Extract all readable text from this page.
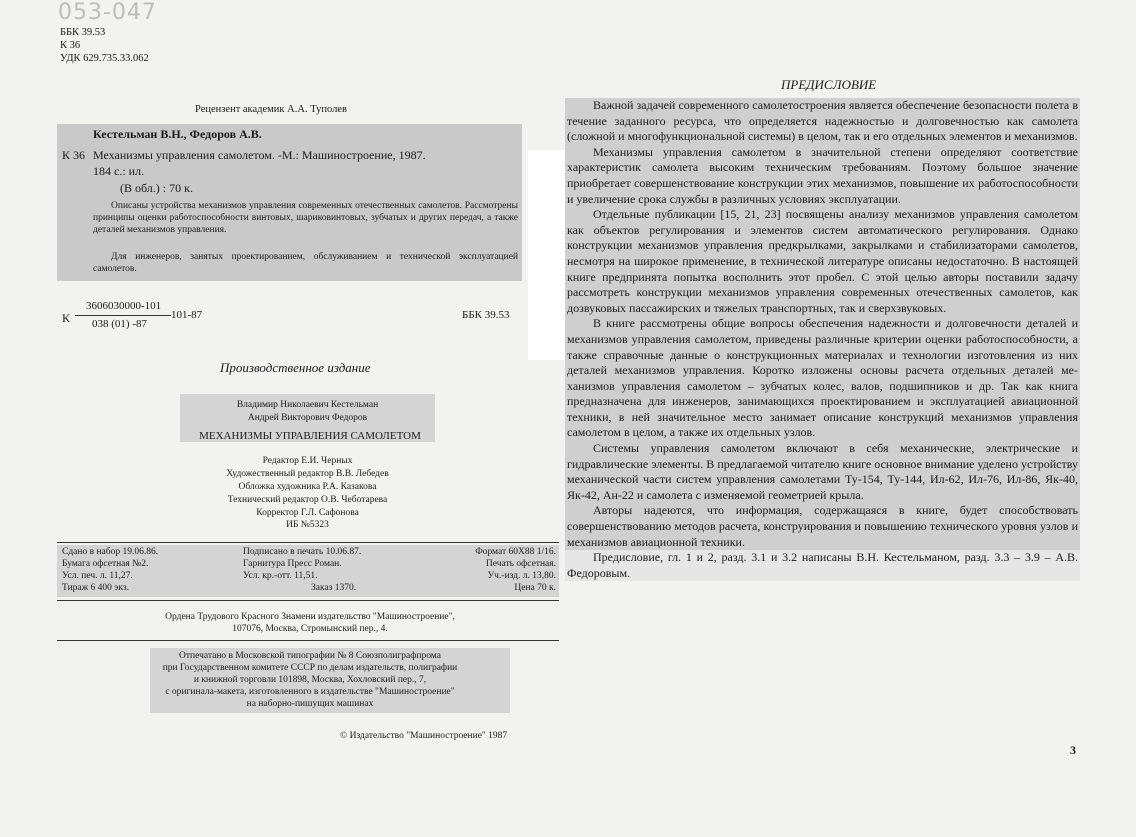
053-047
ББК 39.53
К 36
УДК 629.735.33.062
Рецензент академик А.А. Туполев
Кестельман В.Н., Федоров А.В.
К 36 Механизмы управления самолетом. -М.: Машиностроение, 1987.
184 с.: ил.
(В обл.) : 70 к.
Описаны устройства механизмов управления современных отечественных самолетов. Рассмотрены принципы оценки работоспособности винтовых, шариковинтовых, зубчатых и других передач, а также деталей механизмов управления.
Для инженеров, занятых проектированием, обслуживанием и технической эксплуатацией самолетов.
К
3606030000-101
038 (01) -87
101-87	ББК 39.53
Производственное издание
Владимир Николаевич Кестельман
Андрей Викторович Федоров
МЕХАНИЗМЫ УПРАВЛЕНИЯ САМОЛЕТОМ
Редактор Е.И. Черных
Художественный редактор В.В. Лебедев
Обложка художника Р.А. Казакова
Технический редактор О.В. Чеботарева
Корректор Г.Л. Сафонова
ИБ №5323
Сдано в набор 19.06.86.
Бумага офсетная №2.
Усл. печ. л. 11,27.
Тираж 6 400 экз.
Подписано в печать 10.06.87.
Гарнитура Пресс Роман.
Усл. кр.-отт. 11,51.
Заказ 1370.
Формат 60Х88 1/16.
Печать офсетная.
Уч.-изд. л. 13,80.
Цена 70 к.
Ордена Трудового Красного Знамени издательство "Машиностроение",
107076, Москва, Стромынский пер., 4.
Отпечатано в Московской типографии № 8 Союзполиграфпрома
при Государственном комитете СССР по делам издательств, полиграфии
и книжной торговли 101898, Москва, Хохловский пер., 7,
с оригинала-макета, изготовленного в издательстве "Машиностроение"
на наборно-пишущих машинах
© Издательство "Машиностроение" 1987
ПРЕДИСЛОВИЕ

Важной задачей современного самолетостроения является обеспечение безопасности полета в течение заданного ресурса, что определяется надежностью и долговечностью как самолета (сложной и многофункциональной системы) в целом, так и его отдельных элементов и механизмов.

Механизмы управления самолетом в значительной степени определяют соответствие характеристик самолета высоким техническим требованиям. Поэтому большое значение приобретает совершенствование конструкции этих механизмов, повышение их работоспособности и увеличение срока службы в различных условиях эксплуатации.

Отдельные публикации [15, 21, 23] посвящены анализу механизмов управления самолетом как объектов регулирования и элементов систем автоматического регулирования. Однако конструкции механизмов управления предкрылками, закрылками и стабилизаторами самолетов, несмотря на широкое применение, в технической литературе описаны недостаточно. В настоящей книге предпринята попытка восполнить этот пробел. С этой целью авторы поставили задачу рассмотреть конструкции механизмов управления современных отечественных самолетов, как дозвуковых пассажирских и тяжелых транспортных, так и сверхзвуковых.

В книге рассмотрены общие вопросы обеспечения надежности и долговечности деталей и механизмов управления самолетом, приведены различные критерии оценки работоспособности, а также справочные данные о конструкционных материалах и технологии изготовления из них деталей механизмов управления. Коротко изложены основы расчета отдельных деталей механизмов управления самолетом – зубчатых колес, валов, подшипников и др. Так как книга предназначена для инженеров, занимающихся проектированием и эксплуатацией авиационной техники, в ней значительное место занимает описание конструкций механизмов управления самолетом в целом, а также их отдельных узлов.

Системы управления самолетом включают в себя механические, электрические и гидравлические элементы. В предлагаемой читателю книге основное внимание уделено устройству механической части систем управления самолетами Ту-154, Ту-144, Ил-62, Ил-76, Ил-86, Як-40, Як-42, Ан-22 и самолета с изменяемой геометрией крыла.

Авторы надеются, что информация, содержащаяся в книге, будет способствовать совершенствованию методов расчета, конструирования и повышению технического уровня узлов и механизмов авиационной техники.

Предисловие, гл. 1 и 2, разд. 3.1 и 3.2 написаны В.Н. Кестельманом, разд. 3.3 – 3.9 – А.В. Федоровым.

3
